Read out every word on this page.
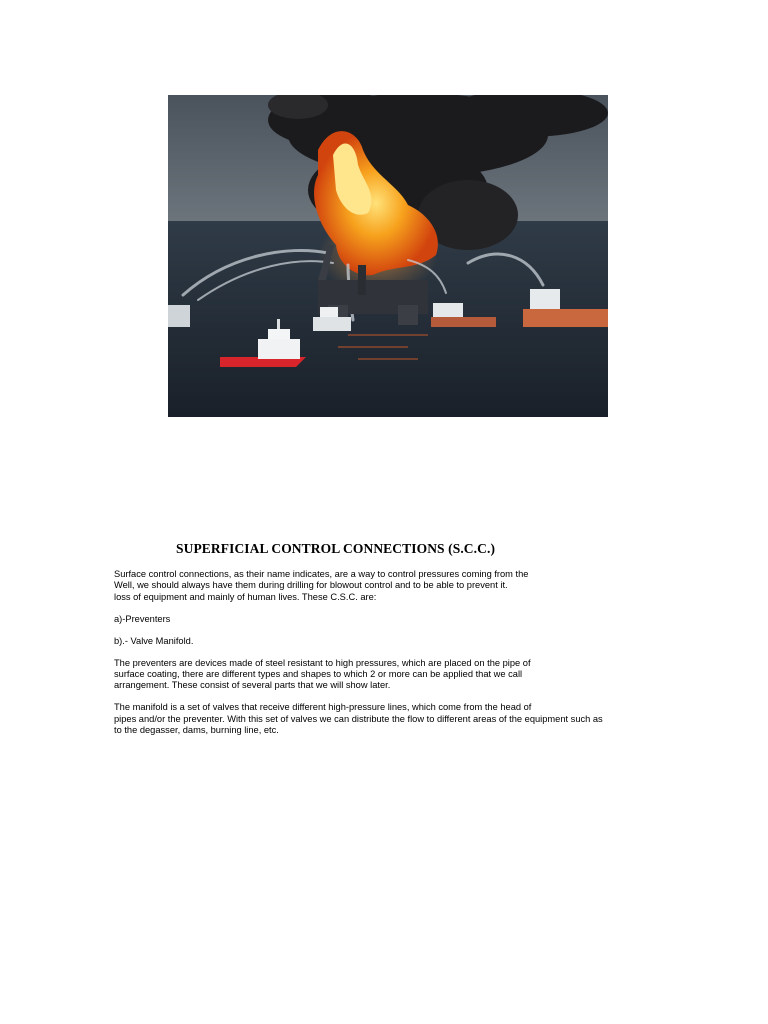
SUPERFICIAL CONTROL CONNECTIONS (S.C.C.)

Surface control connections, as their name indicates, are a way to control pressures coming from the
Well, we should always have them during drilling for blowout control and to be able to prevent it.
loss of equipment and mainly of human lives. These C.S.C. are:

a)-Preventers

b).- Valve Manifold.

The preventers are devices made of steel resistant to high pressures, which are placed on the pipe of
surface coating, there are different types and shapes to which 2 or more can be applied that we call
arrangement. These consist of several parts that we will show later.

The manifold is a set of valves that receive different high-pressure lines, which come from the head of
pipes and/or the preventer. With this set of valves we can distribute the flow to different areas of the equipment such as
to the degasser, dams, burning line, etc.
